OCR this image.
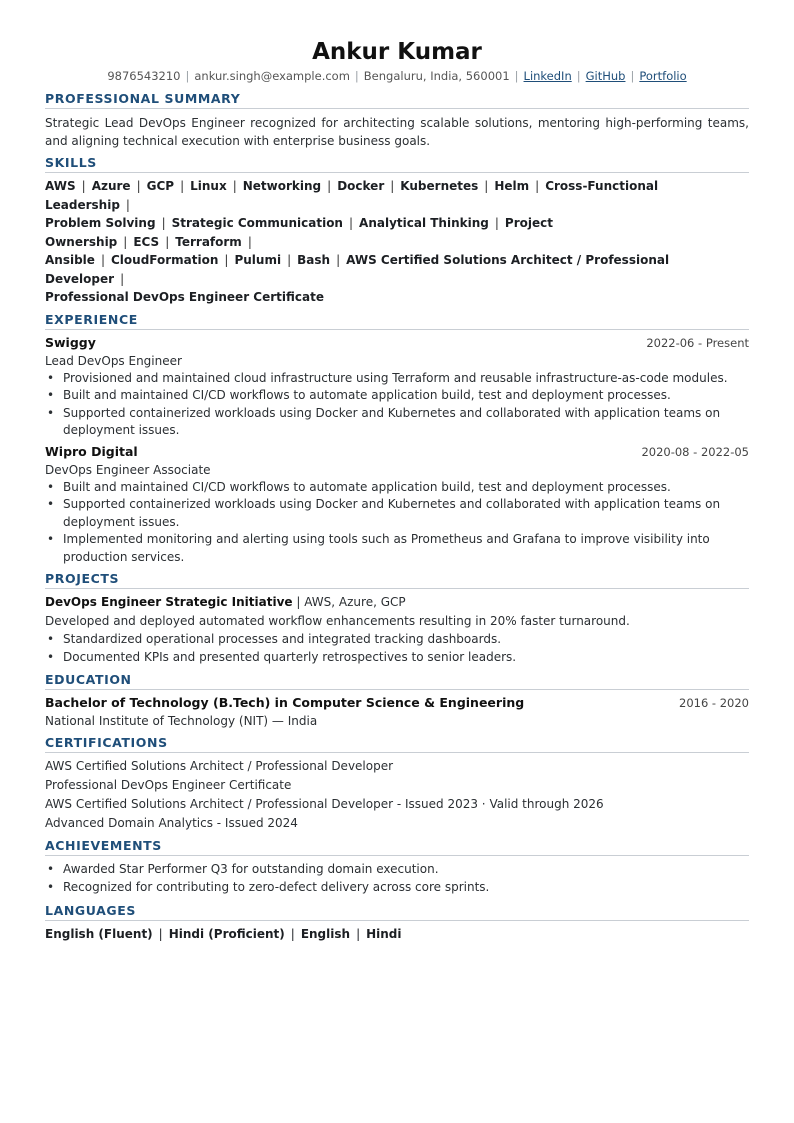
Ankur Kumar
9876543210 | ankur.singh@example.com | Bengaluru, India, 560001 | LinkedIn | GitHub | Portfolio
PROFESSIONAL SUMMARY
Strategic Lead DevOps Engineer recognized for architecting scalable solutions, mentoring high-performing teams, and aligning technical execution with enterprise business goals.
SKILLS
AWS | Azure | GCP | Linux | Networking | Docker | Kubernetes | Helm | Cross-Functional Leadership |
Problem Solving | Strategic Communication | Analytical Thinking | Project Ownership | ECS | Terraform |
Ansible | CloudFormation | Pulumi | Bash | AWS Certified Solutions Architect / Professional Developer |
Professional DevOps Engineer Certificate
EXPERIENCE
Swiggy	2022-06 - Present
Lead DevOps Engineer
• Provisioned and maintained cloud infrastructure using Terraform and reusable infrastructure-as-code modules.
• Built and maintained CI/CD workflows to automate application build, test and deployment processes.
• Supported containerized workloads using Docker and Kubernetes and collaborated with application teams on deployment issues.
Wipro Digital	2020-08 - 2022-05
DevOps Engineer Associate
• Built and maintained CI/CD workflows to automate application build, test and deployment processes.
• Supported containerized workloads using Docker and Kubernetes and collaborated with application teams on deployment issues.
• Implemented monitoring and alerting using tools such as Prometheus and Grafana to improve visibility into production services.
PROJECTS
DevOps Engineer Strategic Initiative | AWS, Azure, GCP
Developed and deployed automated workflow enhancements resulting in 20% faster turnaround.
• Standardized operational processes and integrated tracking dashboards.
• Documented KPIs and presented quarterly retrospectives to senior leaders.
EDUCATION
Bachelor of Technology (B.Tech) in Computer Science & Engineering	2016 - 2020
National Institute of Technology (NIT) — India
CERTIFICATIONS
AWS Certified Solutions Architect / Professional Developer
Professional DevOps Engineer Certificate
AWS Certified Solutions Architect / Professional Developer - Issued 2023 · Valid through 2026
Advanced Domain Analytics - Issued 2024
ACHIEVEMENTS
• Awarded Star Performer Q3 for outstanding domain execution.
• Recognized for contributing to zero-defect delivery across core sprints.
LANGUAGES
English (Fluent) | Hindi (Proficient) | English | Hindi
